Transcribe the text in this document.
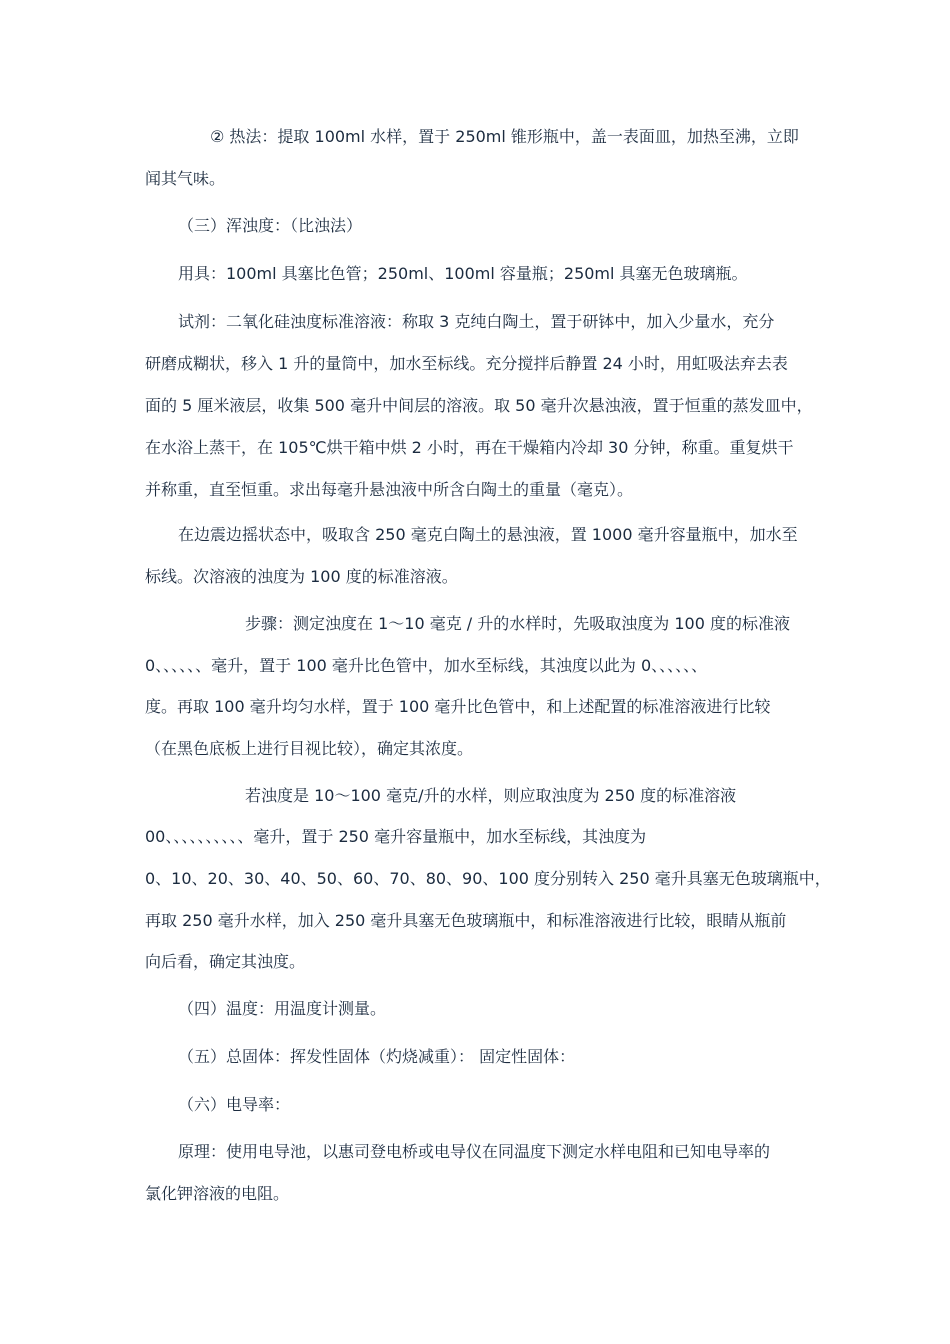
② 热法：提取 100ml 水样，置于 250ml 锥形瓶中，盖一表面皿，加热至沸，立即
闻其气味。
（三）浑浊度：（比浊法）
用具：100ml 具塞比色管；250ml、100ml 容量瓶；250ml 具塞无色玻璃瓶。
试剂：二氧化硅浊度标准溶液：称取 3 克纯白陶土，置于研钵中，加入少量水，充分
研磨成糊状，移入 1 升的量筒中，加水至标线。充分搅拌后静置 24 小时，用虹吸法弃去表
面的 5 厘米液层，收集 500 毫升中间层的溶液。取 50 毫升次悬浊液，置于恒重的蒸发皿中，
在水浴上蒸干，在 105℃烘干箱中烘 2 小时，再在干燥箱内冷却 30 分钟，称重。重复烘干
并称重，直至恒重。求出每毫升悬浊液中所含白陶土的重量（毫克）。
在边震边摇状态中，吸取含 250 毫克白陶土的悬浊液，置 1000 毫升容量瓶中，加水至
标线。次溶液的浊度为 100 度的标准溶液。
步骤：测定浊度在 1～10 毫克 / 升的水样时，先吸取浊度为 100 度的标准液
0、、、、、、毫升，置于 100 毫升比色管中，加水至标线，其浊度以此为 0、、、、、、
度。再取 100 毫升均匀水样，置于 100 毫升比色管中，和上述配置的标准溶液进行比较
（在黑色底板上进行目视比较），确定其浓度。
若浊度是 10～100 毫克/升的水样，则应取浊度为 250 度的标准溶液
00、、、、、、、、、、毫升，置于 250 毫升容量瓶中，加水至标线，其浊度为
0、10、20、30、40、50、60、70、80、90、100 度分别转入 250 毫升具塞无色玻璃瓶中，
再取 250 毫升水样，加入 250 毫升具塞无色玻璃瓶中，和标准溶液进行比较，眼睛从瓶前
向后看，确定其浊度。
（四）温度：用温度计测量。
（五）总固体：挥发性固体（灼烧减重）： 固定性固体：
（六）电导率：
原理：使用电导池，以惠司登电桥或电导仪在同温度下测定水样电阻和已知电导率的
氯化钾溶液的电阻。
